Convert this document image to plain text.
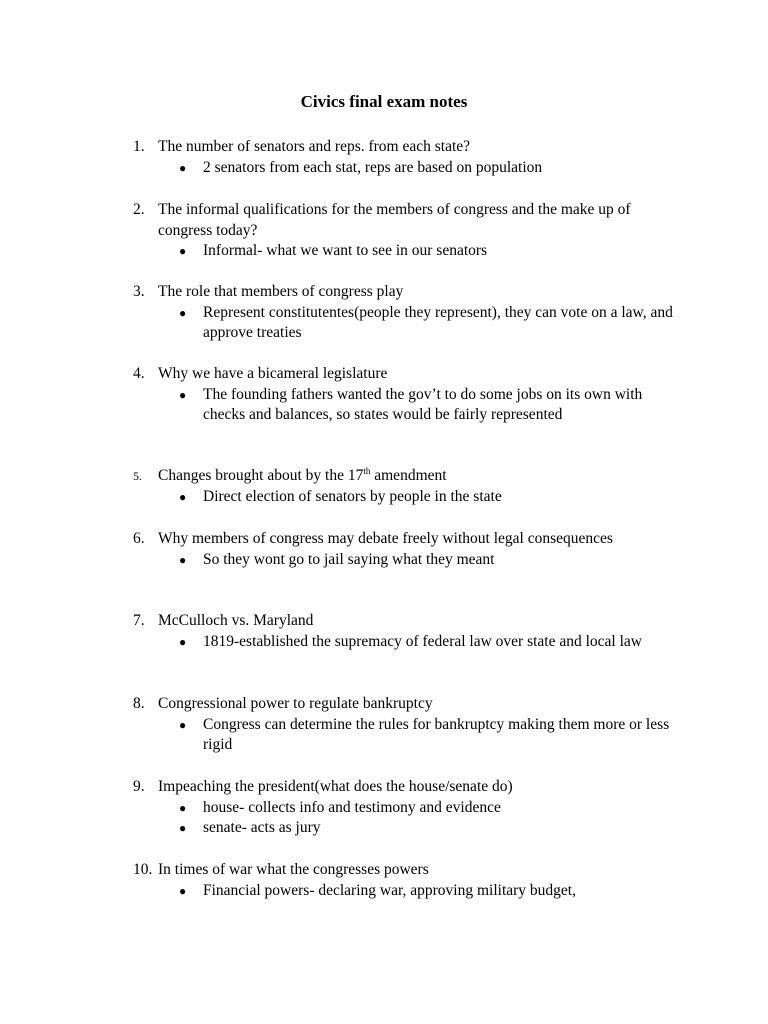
Civics final exam notes
1. The number of senators and reps. from each state?
●	2 senators from each stat, reps are based on population
2. The informal qualifications for the members of congress and the make up of congress today?
●	Informal- what we want to see in our senators
3. The role that members of congress play
●	Represent constitutentes(people they represent), they can vote on a law, and approve treaties
4. Why we have a bicameral legislature
●	The founding fathers wanted the gov’t to do some jobs on its own with checks and balances, so states would be fairly represented
5.	Changes brought about by the 17th amendment
●	Direct election of senators by people in the state
6. Why members of congress may debate freely without legal consequences
●	So they wont go to jail saying what they meant
7. McCulloch vs. Maryland
●	1819-established the supremacy of federal law over state and local law
8. Congressional power to regulate bankruptcy
●	Congress can determine the rules for bankruptcy making them more or less rigid
9. Impeaching the president(what does the house/senate do)
●	house- collects info and testimony and evidence
●	senate- acts as jury
10. In times of war what the congresses powers
●	Financial powers- declaring war, approving military budget,
